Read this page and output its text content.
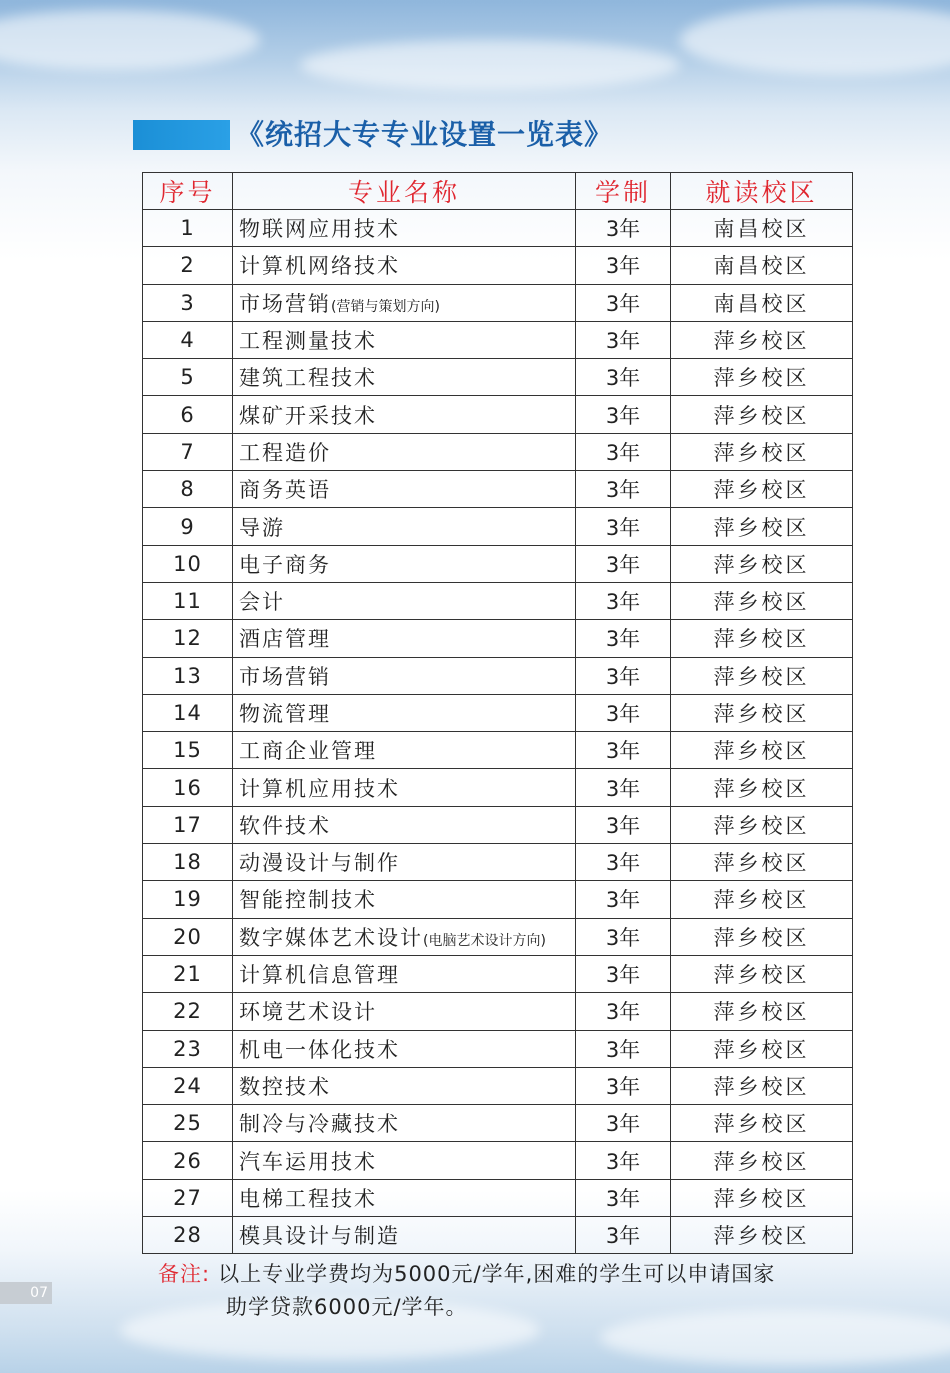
《统招大专专业设置一览表》
序号	专业名称	学制	就读校区
1	物联网应用技术	3年	南昌校区
2	计算机网络技术	3年	南昌校区
3	市场营销(营销与策划方向)	3年	南昌校区
4	工程测量技术	3年	萍乡校区
5	建筑工程技术	3年	萍乡校区
6	煤矿开采技术	3年	萍乡校区
7	工程造价	3年	萍乡校区
8	商务英语	3年	萍乡校区
9	导游	3年	萍乡校区
10	电子商务	3年	萍乡校区
11	会计	3年	萍乡校区
12	酒店管理	3年	萍乡校区
13	市场营销	3年	萍乡校区
14	物流管理	3年	萍乡校区
15	工商企业管理	3年	萍乡校区
16	计算机应用技术	3年	萍乡校区
17	软件技术	3年	萍乡校区
18	动漫设计与制作	3年	萍乡校区
19	智能控制技术	3年	萍乡校区
20	数字媒体艺术设计(电脑艺术设计方向)	3年	萍乡校区
21	计算机信息管理	3年	萍乡校区
22	环境艺术设计	3年	萍乡校区
23	机电一体化技术	3年	萍乡校区
24	数控技术	3年	萍乡校区
25	制冷与冷藏技术	3年	萍乡校区
26	汽车运用技术	3年	萍乡校区
27	电梯工程技术	3年	萍乡校区
28	模具设计与制造	3年	萍乡校区
备注: 以上专业学费均为5000元/学年,困难的学生可以申请国家
助学贷款6000元/学年。
07
